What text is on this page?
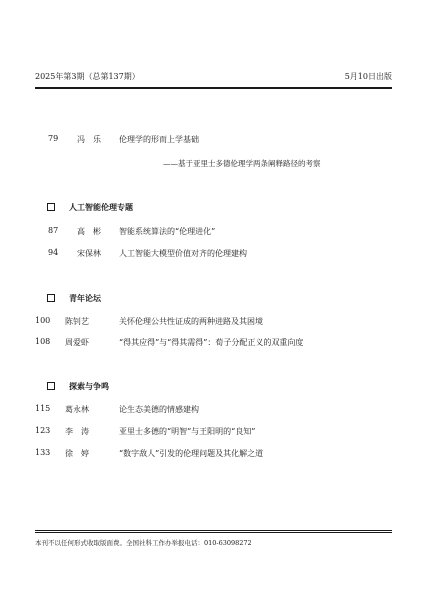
2025年第3期（总第137期）	5月10日出版
79 冯　乐 伦理学的形而上学基础
——基于亚里士多德伦理学两条阐释路径的考察
人工智能伦理专题
87 高　彬 智能系统算法的“伦理进化”
94 宋保林 人工智能大模型价值对齐的伦理建构
青年论坛
100 陈钊艺	关怀伦理公共性证成的两种进路及其困境
108 周爱虾	“得其应得”与“得其需得”：荀子分配正义的双重向度
探索与争鸣
115 葛永林	论生态美德的情感建构
123 李　涛	亚里士多德的“明智”与王阳明的“良知”
133 徐　婷	“数字敌人”引发的伦理问题及其化解之道
本刊不以任何形式收取版面费。全国社科工作办举报电话：010-63098272
